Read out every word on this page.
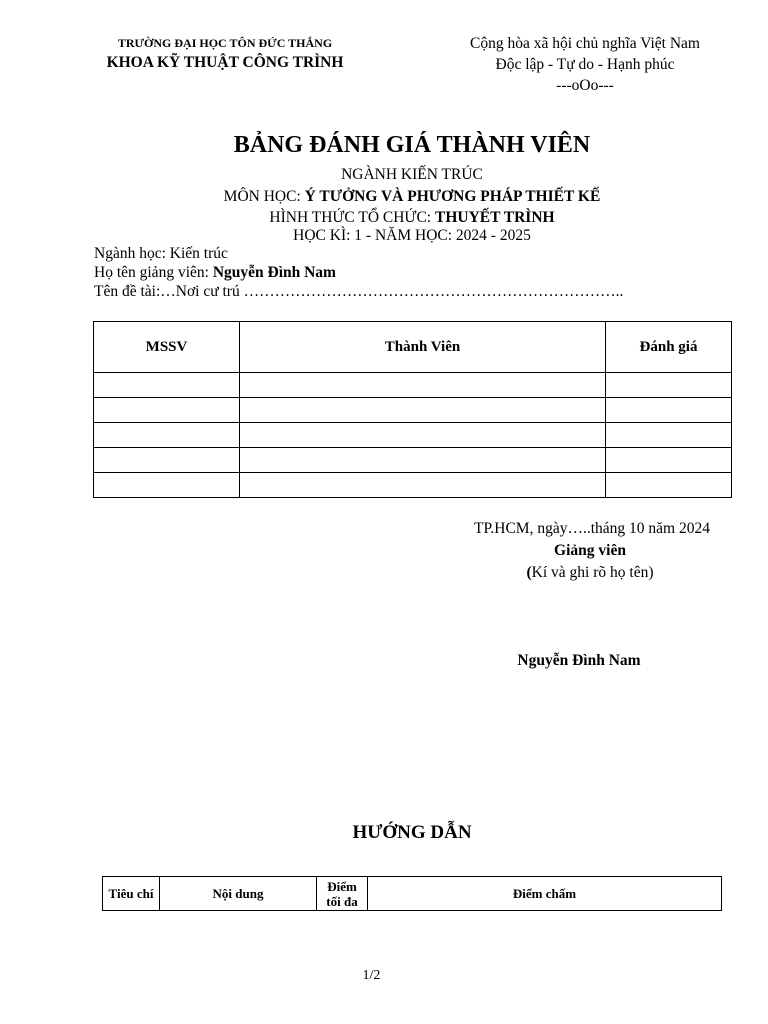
TRƯỜNG ĐẠI HỌC TÔN ĐỨC THẮNG
KHOA KỸ THUẬT CÔNG TRÌNH
Cộng hòa xã hội chủ nghĩa Việt Nam
Độc lập - Tự do - Hạnh phúc
---oOo---
BẢNG ĐÁNH GIÁ THÀNH VIÊN
NGÀNH KIẾN TRÚC
MÔN HỌC: Ý TƯỞNG VÀ PHƯƠNG PHÁP THIẾT KẾ
HÌNH THỨC TỔ CHỨC: THUYẾT TRÌNH
HỌC KÌ: 1 - NĂM HỌC: 2024 - 2025
Ngành học: Kiến trúc
Họ tên giảng viên: Nguyễn Đình Nam
Tên đề tài:…Nơi cư trú ………………………………………………………………..
MSSV	Thành Viên	Đánh giá

TP.HCM, ngày…..tháng 10 năm 2024
Giảng viên
(Kí và ghi rõ họ tên)
Nguyễn Đình Nam
HƯỚNG DẪN
Tiêu chí	Nội dung	Điểm tối đa	Điểm chấm
1/2
